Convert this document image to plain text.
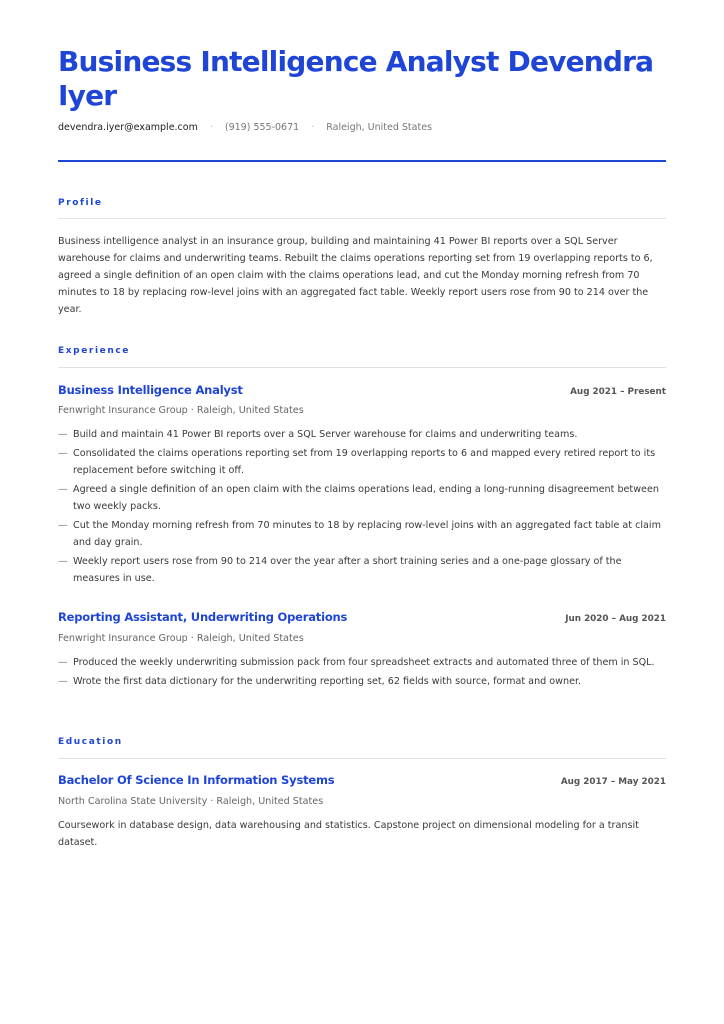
Business Intelligence Analyst Devendra Iyer
devendra.iyer@example.com · (919) 555-0671 · Raleigh, United States
Profile

Business intelligence analyst in an insurance group, building and maintaining 41 Power BI reports over a SQL Server warehouse for claims and underwriting teams. Rebuilt the claims operations reporting set from 19 overlapping reports to 6, agreed a single definition of an open claim with the claims operations lead, and cut the Monday morning refresh from 70 minutes to 18 by replacing row-level joins with an aggregated fact table. Weekly report users rose from 90 to 214 over the year.

Experience
Business Intelligence Analyst	Aug 2021 – Present
Fenwright Insurance Group · Raleigh, United States
— Build and maintain 41 Power BI reports over a SQL Server warehouse for claims and underwriting teams.
— Consolidated the claims operations reporting set from 19 overlapping reports to 6 and mapped every retired report to its replacement before switching it off.
— Agreed a single definition of an open claim with the claims operations lead, ending a long-running disagreement between two weekly packs.
— Cut the Monday morning refresh from 70 minutes to 18 by replacing row-level joins with an aggregated fact table at claim and day grain.
— Weekly report users rose from 90 to 214 over the year after a short training series and a one-page glossary of the measures in use.
Reporting Assistant, Underwriting Operations	Jun 2020 – Aug 2021
Fenwright Insurance Group · Raleigh, United States
— Produced the weekly underwriting submission pack from four spreadsheet extracts and automated three of them in SQL.
— Wrote the first data dictionary for the underwriting reporting set, 62 fields with source, format and owner.
Education
Bachelor Of Science In Information Systems	Aug 2017 – May 2021
North Carolina State University · Raleigh, United States

Coursework in database design, data warehousing and statistics. Capstone project on dimensional modeling for a transit dataset.
